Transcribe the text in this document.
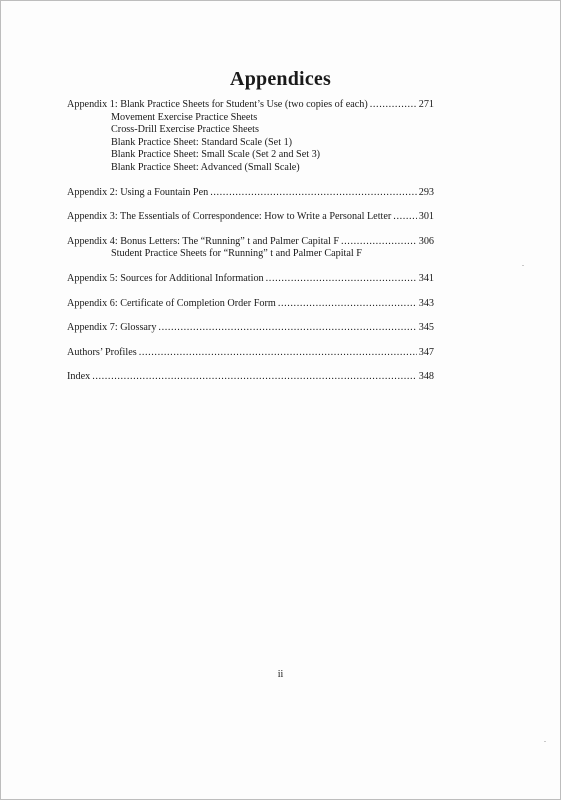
Appendices
Appendix 1: Blank Practice Sheets for Student’s Use (two copies of each) .....	271
Movement Exercise Practice Sheets
Cross-Drill Exercise Practice Sheets
Blank Practice Sheet: Standard Scale (Set 1)
Blank Practice Sheet: Small Scale (Set 2 and Set 3)
Blank Practice Sheet: Advanced (Small Scale)
Appendix 2: Using a Fountain Pen .....	293
Appendix 3: The Essentials of Correspondence: How to Write a Personal Letter .....	301
Appendix 4: Bonus Letters: The “Running” t and Palmer Capital F .....	306
Student Practice Sheets for “Running” t and Palmer Capital F
Appendix 5: Sources for Additional Information .....	341
Appendix 6: Certificate of Completion Order Form .....	343
Appendix 7: Glossary .....	345
Authors’ Profiles .....	347
Index .....	348
ii
